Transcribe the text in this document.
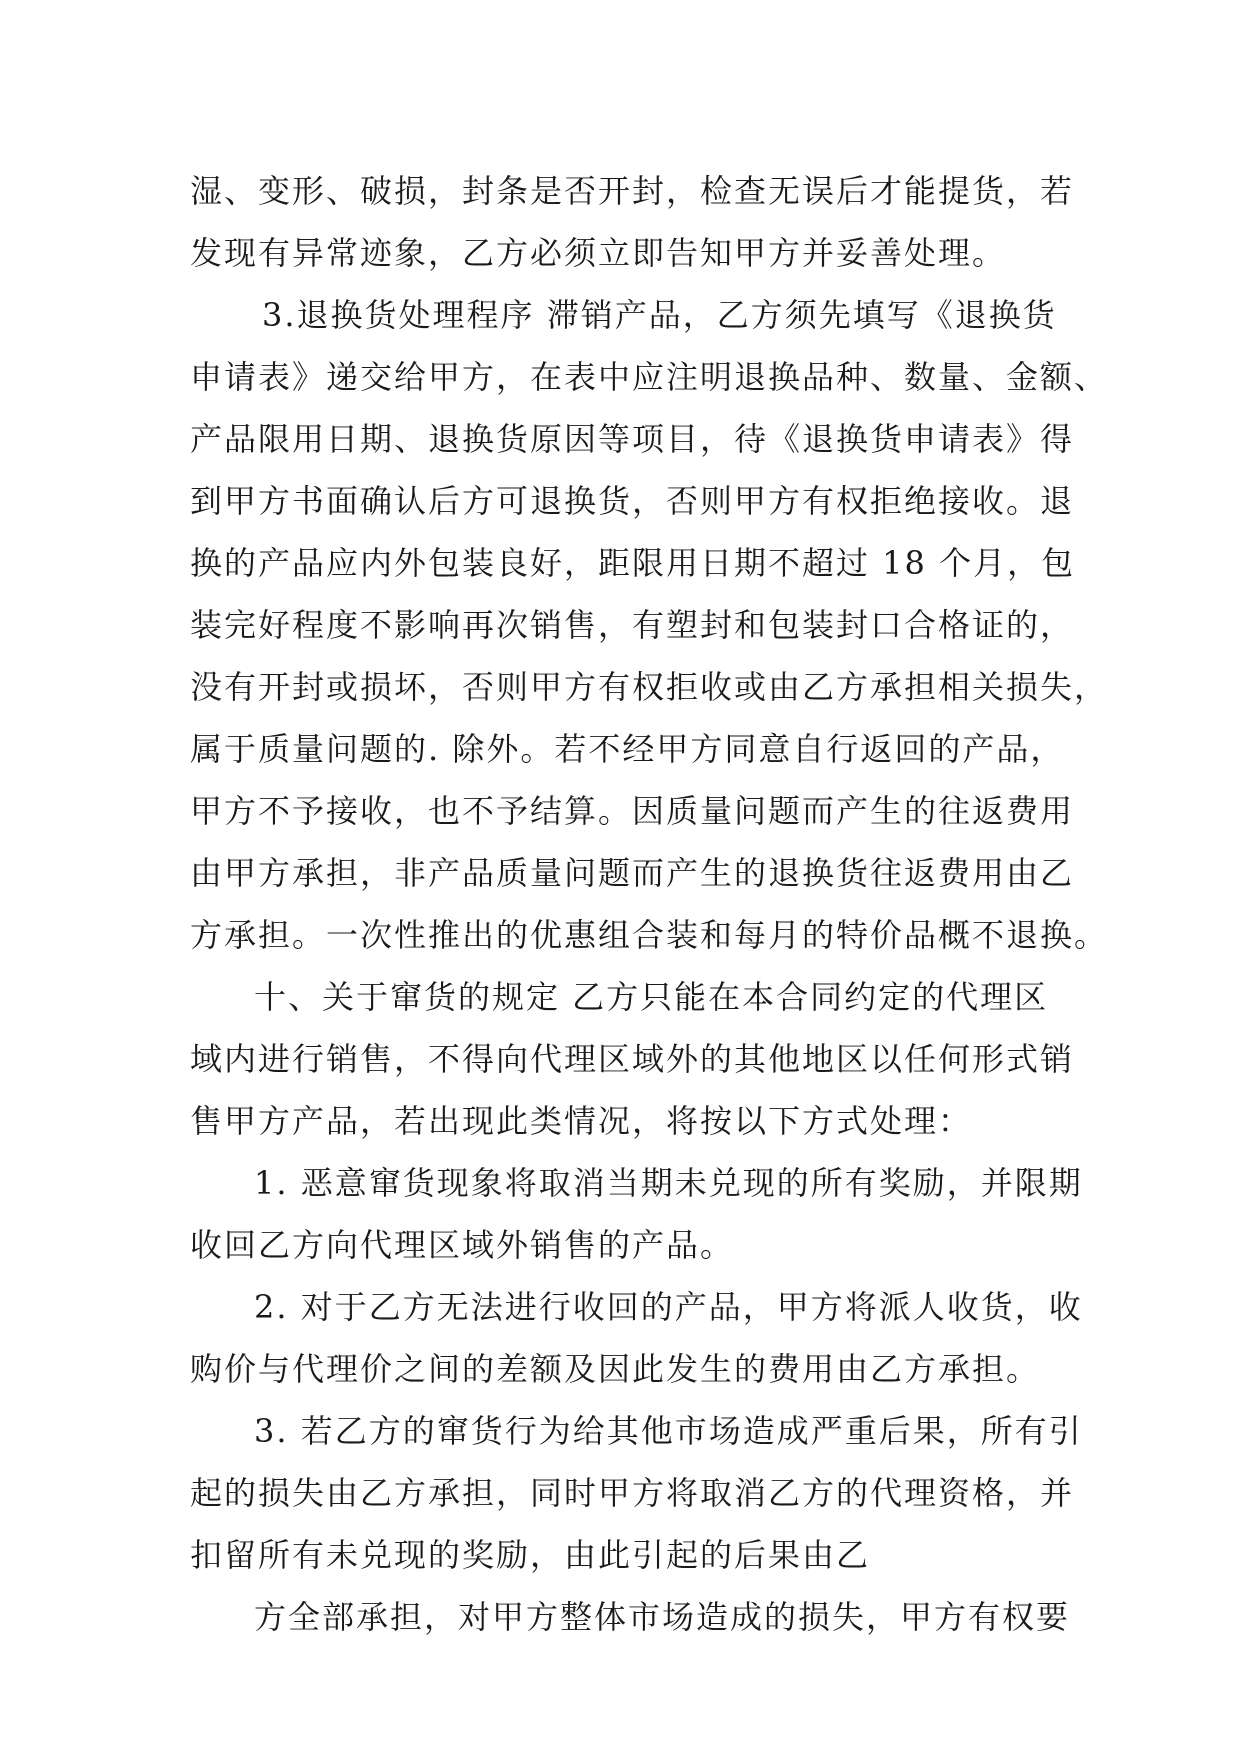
湿、变形、破损，封条是否开封，检查无误后才能提货，若
发现有异常迹象，乙方必须立即告知甲方并妥善处理。
3.退换货处理程序 滞销产品，乙方须先填写《退换货
申请表》递交给甲方，在表中应注明退换品种、数量、金额、
产品限用日期、退换货原因等项目，待《退换货申请表》得
到甲方书面确认后方可退换货，否则甲方有权拒绝接收。退
换的产品应内外包装良好，距限用日期不超过 18 个月，包
装完好程度不影响再次销售，有塑封和包装封口合格证的，
没有开封或损坏，否则甲方有权拒收或由乙方承担相关损失，
属于质量问题的. 除外。若不经甲方同意自行返回的产品，
甲方不予接收，也不予结算。因质量问题而产生的往返费用
由甲方承担，非产品质量问题而产生的退换货往返费用由乙
方承担。一次性推出的优惠组合装和每月的特价品概不退换。
十、关于窜货的规定 乙方只能在本合同约定的代理区
域内进行销售，不得向代理区域外的其他地区以任何形式销
售甲方产品，若出现此类情况，将按以下方式处理：
1. 恶意窜货现象将取消当期未兑现的所有奖励，并限期
收回乙方向代理区域外销售的产品。
2. 对于乙方无法进行收回的产品，甲方将派人收货，收
购价与代理价之间的差额及因此发生的费用由乙方承担。
3. 若乙方的窜货行为给其他市场造成严重后果，所有引
起的损失由乙方承担，同时甲方将取消乙方的代理资格，并
扣留所有未兑现的奖励，由此引起的后果由乙
方全部承担，对甲方整体市场造成的损失，甲方有权要
